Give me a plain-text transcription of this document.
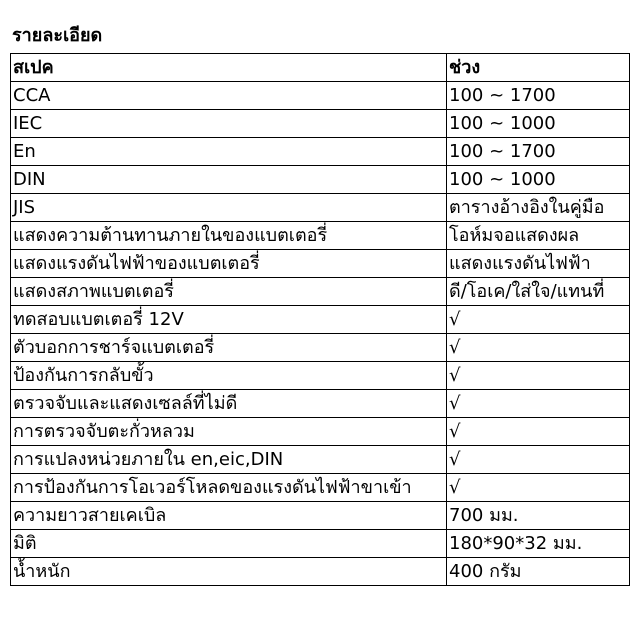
รายละเอียด
สเปค	ช่วง
CCA	100 ~ 1700
IEC	100 ~ 1000
En	100 ~ 1700
DIN	100 ~ 1000
JIS	ตารางอ้างอิงในคู่มือ
แสดงความต้านทานภายในของแบตเตอรี่	โอห์มจอแสดงผล
แสดงแรงดันไฟฟ้าของแบตเตอรี่	แสดงแรงดันไฟฟ้า
แสดงสภาพแบตเตอรี่	ดี/โอเค/ใส่ใจ/แทนที่
ทดสอบแบตเตอรี่ 12V	√
ตัวบอกการชาร์จแบตเตอรี่	√
ป้องกันการกลับขั้ว	√
ตรวจจับและแสดงเซลล์ที่ไม่ดี	√
การตรวจจับตะกั่วหลวม	√
การแปลงหน่วยภายใน en,eic,DIN	√
การป้องกันการโอเวอร์โหลดของแรงดันไฟฟ้าขาเข้า	√
ความยาวสายเคเบิล	700 มม.
มิติ	180*90*32 มม.
น้ำหนัก	400 กรัม
